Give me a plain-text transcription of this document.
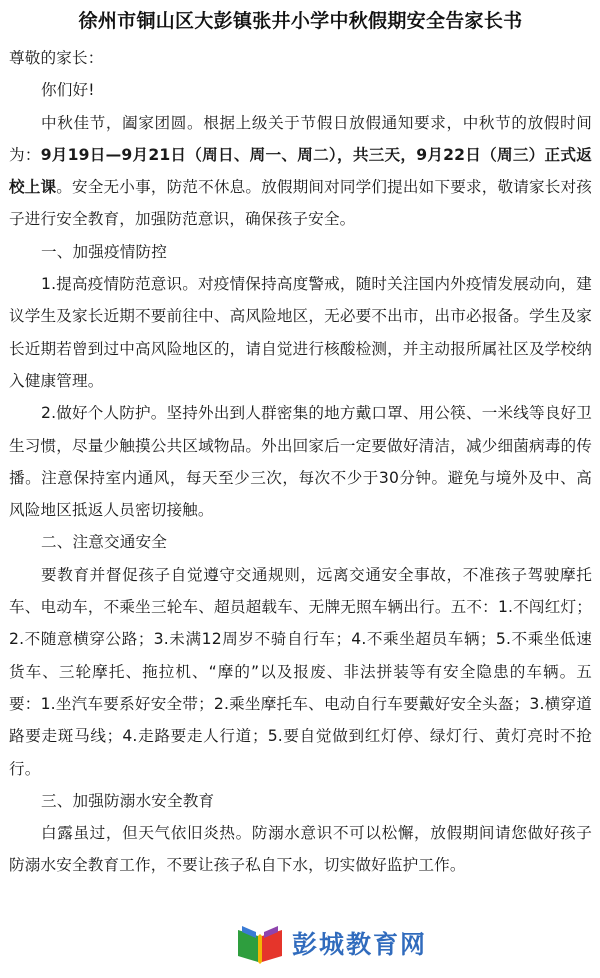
徐州市铜山区大彭镇张井小学中秋假期安全告家长书

尊敬的家长：

你们好!

中秋佳节，阖家团圆。根据上级关于节假日放假通知要求，中秋节的放假时间为：9月19日—9月21日（周日、周一、周二），共三天，9月22日（周三）正式返校上课。安全无小事，防范不休息。放假期间对同学们提出如下要求，敬请家长对孩子进行安全教育，加强防范意识，确保孩子安全。

一、加强疫情防控

1.提高疫情防范意识。对疫情保持高度警戒，随时关注国内外疫情发展动向，建议学生及家长近期不要前往中、高风险地区，无必要不出市，出市必报备。学生及家长近期若曾到过中高风险地区的，请自觉进行核酸检测，并主动报所属社区及学校纳入健康管理。

2.做好个人防护。坚持外出到人群密集的地方戴口罩、用公筷、一米线等良好卫生习惯，尽量少触摸公共区域物品。外出回家后一定要做好清洁，减少细菌病毒的传播。注意保持室内通风，每天至少三次，每次不少于30分钟。避免与境外及中、高风险地区抵返人员密切接触。

二、注意交通安全

要教育并督促孩子自觉遵守交通规则，远离交通安全事故，不准孩子驾驶摩托车、电动车，不乘坐三轮车、超员超载车、无牌无照车辆出行。五不：1.不闯红灯；2.不随意横穿公路；3.未满12周岁不骑自行车；4.不乘坐超员车辆；5.不乘坐低速货车、三轮摩托、拖拉机、“摩的”以及报废、非法拼装等有安全隐患的车辆。五要：1.坐汽车要系好安全带；2.乘坐摩托车、电动自行车要戴好安全头盔；3.横穿道路要走斑马线；4.走路要走人行道；5.要自觉做到红灯停、绿灯行、黄灯亮时不抢行。

三、加强防溺水安全教育

白露虽过，但天气依旧炎热。防溺水意识不可以松懈，放假期间请您做好孩子防溺水安全教育工作，不要让孩子私自下水，切实做好监护工作。

彭城教育网
